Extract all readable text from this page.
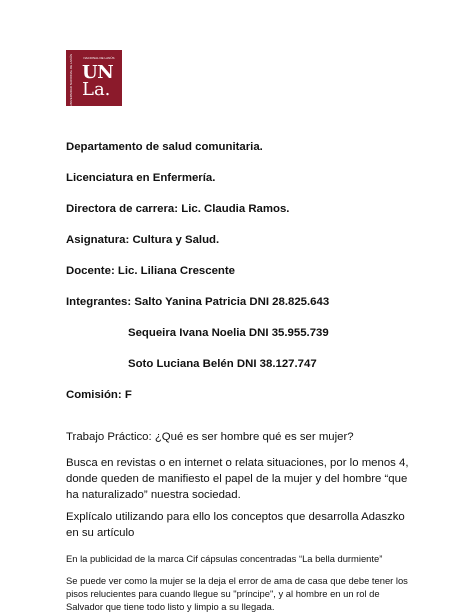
NACIONAL DE LANÚS
UNIVERSIDAD NACIONAL DE LANÚS UN
La.
Departamento de salud comunitaria.
Licenciatura en Enfermería.
Directora de carrera: Lic. Claudia Ramos.
Asignatura: Cultura y Salud.
Docente: Lic. Liliana Crescente
Integrantes: Salto Yanina Patricia DNI 28.825.643
Sequeira Ivana Noelia DNI 35.955.739
Soto Luciana Belén DNI 38.127.747
Comisión: F
Trabajo Práctico: ¿Qué es ser hombre qué es ser mujer?
Busca en revistas o en internet o relata situaciones, por lo menos 4, donde queden de manifiesto el papel de la mujer y del hombre “que ha naturalizado” nuestra sociedad.
Explícalo utilizando para ello los conceptos que desarrolla Adaszko en su artículo
En la publicidad de la marca Cif cápsulas concentradas “La bella durmiente”
Se puede ver como la mujer se la deja el error de ama de casa que debe tener los pisos relucientes para cuando llegue su "príncipe", y al hombre en un rol de Salvador que tiene todo listo y limpio a su llegada.
